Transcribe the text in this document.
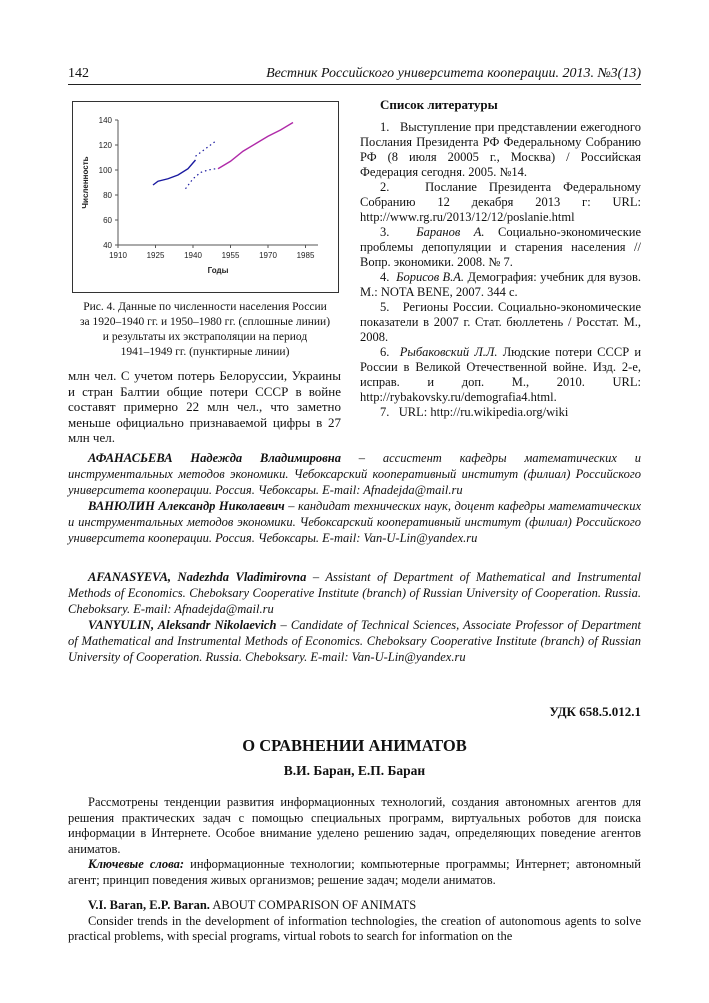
142	Вестник Российского университета кооперации. 2013. №3(13)
40
60
80
100
120
140
1910 1925 1940 1955 1970 1985
Годы
Численность
Рис. 4. Данные по численности населения России
за 1920–1940 гг. и 1950–1980 гг. (сплошные линии)
и результаты их экстраполяции на период
1941–1949 гг. (пунктирные линии)

млн чел. С учетом потерь Белоруссии, Украины и стран Балтии общие потери СССР в войне составят примерно 22 млн чел., что заметно меньше официально признаваемой цифры в 27 млн чел.

Список литературы

1. Выступление при представлении ежегодного Послания Президента РФ Федеральному Собранию РФ (8 июля 20005 г., Москва) / Российская Федерация сегодня. 2005. №14.

2.	Послание Президента Федеральному Собранию 12 декабря 2013 г: URL: http://www.rg.ru/2013/12/12/poslanie.html

3. Баранов А. Социально-экономические проблемы депопуляции и старения населения // Вопр. экономики. 2008. № 7.

4. Борисов В.А. Демография: учебник для вузов. М.: NOTA BENE, 2007. 344 с.

5. Регионы России. Социально-экономические показатели в 2007 г. Стат. бюллетень / Росстат. М., 2008.

6. Рыбаковский Л.Л. Людские потери СССР и России в Великой Отечественной войне. Изд. 2-е, исправ. и доп. М., 2010. URL: http://rybakovsky.ru/demografia4.html.

7. URL: http://ru.wikipedia.org/wiki

АФАНАСЬЕВА Надежда Владимировна – ассистент кафедры математических и инструментальных методов экономики. Чебоксарский кооперативный институт (филиал) Российского университета кооперации. Россия. Чебоксары. E-mail: Afnadejda@mail.ru

ВАНЮЛИН Александр Николаевич – кандидат технических наук, доцент кафедры математических и инструментальных методов экономики. Чебоксарский кооперативный институт (филиал) Российского университета кооперации. Россия. Чебоксары. E-mail: Van-U-Lin@yandex.ru

AFANASYEVA, Nadezhda Vladimirovna – Assistant of Department of Mathematical and Instrumental Methods of Economics. Cheboksary Cooperative Institute (branch) of Russian University of Cooperation. Russia. Cheboksary. E-mail: Afnadejda@mail.ru

VANYULIN, Aleksandr Nikolaevich – Candidate of Technical Sciences, Associate Professor of Department of Mathematical and Instrumental Methods of Economics. Cheboksary Cooperative Institute (branch) of Russian University of Cooperation. Russia. Cheboksary. E-mail: Van-U-Lin@yandex.ru

УДК 658.5.012.1
О СРАВНЕНИИ АНИМАТОВ
В.И. Баран, Е.П. Баран

Рассмотрены тенденции развития информационных технологий, создания автономных агентов для решения практических задач с помощью специальных программ, виртуальных роботов для поиска информации в Интернете. Особое внимание уделено решению задач, определяющих поведение агентов аниматов.

Ключевые слова: информационные технологии; компьютерные программы; Интернет; автономный агент; принцип поведения живых организмов; решение задач; модели аниматов.

V.I. Baran, E.P. Baran. ABOUT COMPARISON OF ANIMATS

Consider trends in the development of information technologies, the creation of autonomous agents to solve practical problems, with special programs, virtual robots to search for information on the
